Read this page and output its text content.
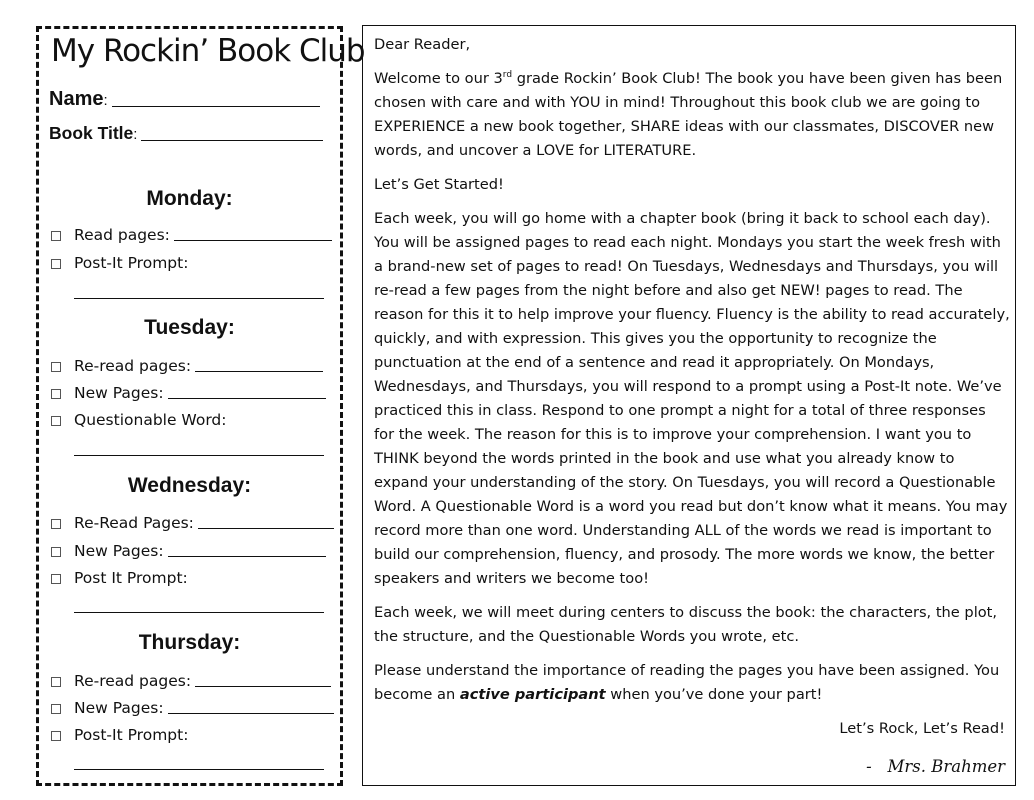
My Rockin’ Book Club
Name :
Book Title :
Monday:
Read pages:
Post-It Prompt:
Tuesday:
Re-read pages:
New Pages:
Questionable Word:
Wednesday:
Re-Read Pages:
New Pages:
Post It Prompt:
Thursday:
Re-read pages:
New Pages:
Post-It Prompt:

Dear Reader,

Welcome to our 3rd grade Rockin’ Book Club! The book you have been given has been chosen with care and with YOU in mind! Throughout this book club we are going to EXPERIENCE a new book together, SHARE ideas with our classmates, DISCOVER new words, and uncover a LOVE for LITERATURE.

Let’s Get Started!

Each week, you will go home with a chapter book (bring it back to school each day). You will be assigned pages to read each night. Mondays you start the week fresh with a brand-new set of pages to read! On Tuesdays, Wednesdays and Thursdays, you will re-read a few pages from the night before and also get NEW! pages to read. The reason for this it to help improve your fluency. Fluency is the ability to read accurately, quickly, and with expression. This gives you the opportunity to recognize the punctuation at the end of a sentence and read it appropriately. On Mondays, Wednesdays, and Thursdays, you will respond to a prompt using a Post-It note. We’ve practiced this in class. Respond to one prompt a night for a total of three responses for the week. The reason for this is to improve your comprehension. I want you to THINK beyond the words printed in the book and use what you already know to expand your understanding of the story. On Tuesdays, you will record a Questionable Word. A Questionable Word is a word you read but don’t know what it means. You may record more than one word. Understanding ALL of the words we read is important to build our comprehension, fluency, and prosody. The more words we know, the better speakers and writers we become too!

Each week, we will meet during centers to discuss the book: the characters, the plot, the structure, and the Questionable Words you wrote, etc.

Please understand the importance of reading the pages you have been assigned. You become an active participant when you’ve done your part!

Let’s Rock, Let’s Read!
-   Mrs. Brahmer
